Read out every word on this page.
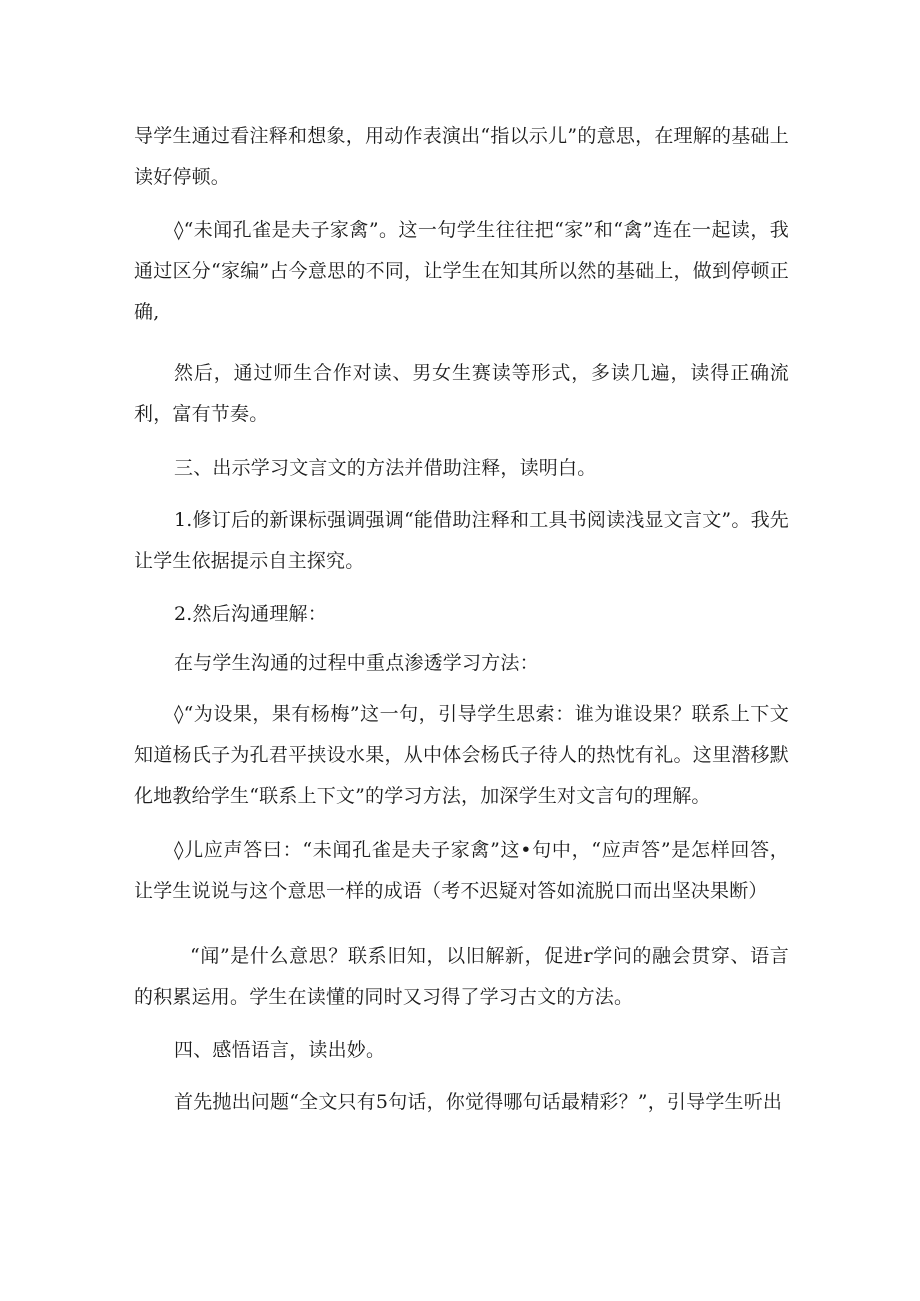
导学生通过看注释和想象，用动作表演出“指以示儿”的意思，在理解的基础上读好停顿。

◊“未闻孔雀是夫子家禽”。这一句学生往往把“家”和“禽”连在一起读，我通过区分“家编”占今意思的不同，让学生在知其所以然的基础上，做到停顿正确,

然后，通过师生合作对读、男女生赛读等形式，多读几遍，读得正确流利，富有节奏。

三、出示学习文言文的方法并借助注释，读明白。

1.修订后的新课标强调强调“能借助注释和工具书阅读浅显文言文”。我先让学生依据提示自主探究。

2.然后沟通理解：

在与学生沟通的过程中重点渗透学习方法：

◊“为设果，果有杨梅”这一句，引导学生思索：谁为谁设果？联系上下文知道杨氏子为孔君平挟设水果，从中体会杨氏子待人的热忱有礼。这里潜移默化地教给学生“联系上下文”的学习方法，加深学生对文言句的理解。

◊儿应声答曰：“未闻孔雀是夫子家禽”这•句中，“应声答”是怎样回答，让学生说说与这个意思一样的成语（考不迟疑对答如流脱口而出坚决果断）

“闻”是什么意思？联系旧知，以旧解新，促进r学问的融会贯穿、语言的积累运用。学生在读懂的同时又习得了学习古文的方法。

四、感悟语言，读出妙。

首先抛出问题“全文只有5句话，你觉得哪句话最精彩？”，引导学生听出
